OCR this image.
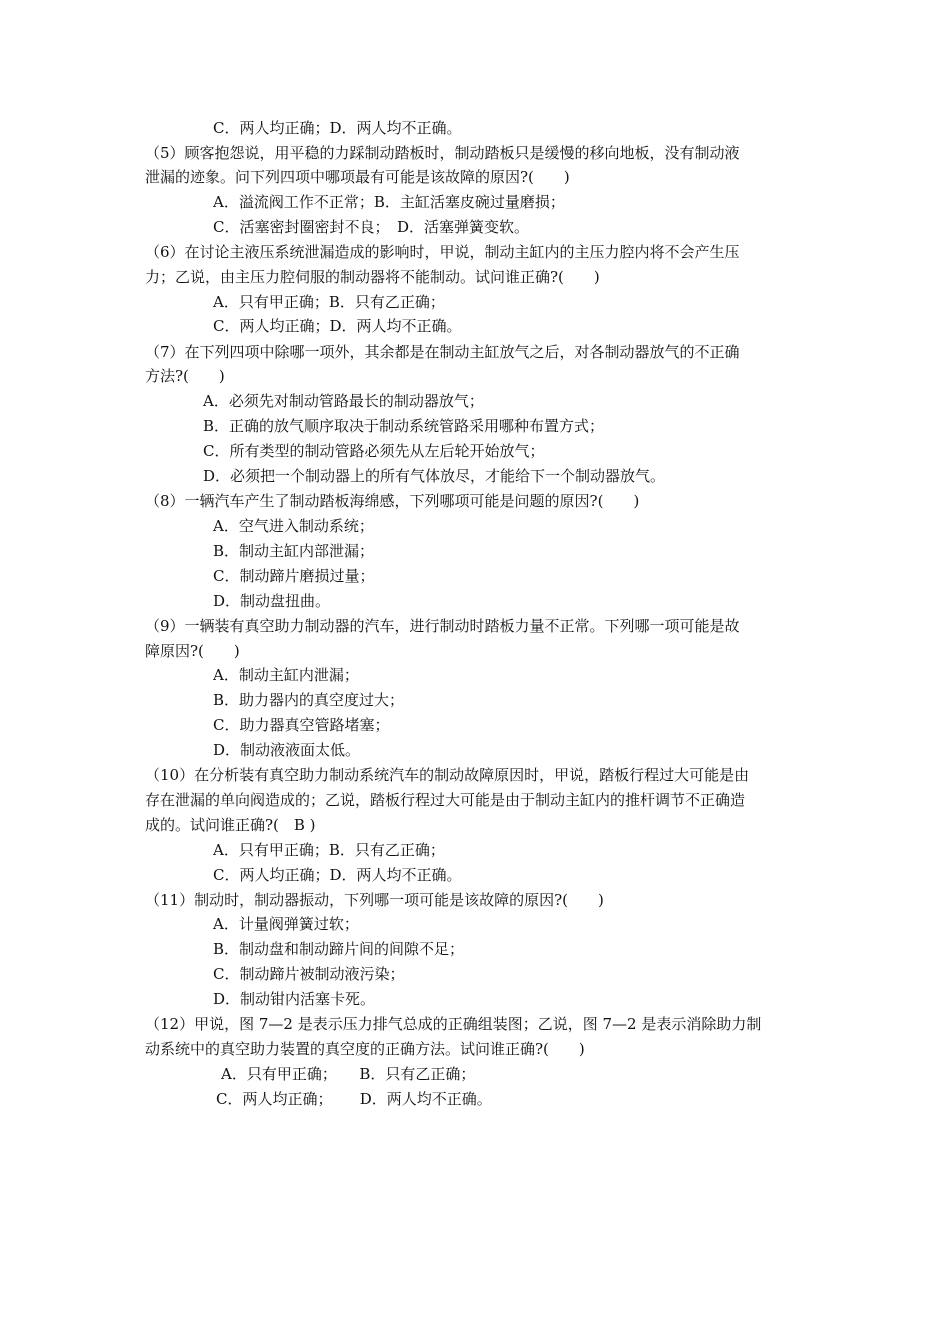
C．两人均正确；D．两人均不正确。
（5）顾客抱怨说，用平稳的力踩制动踏板时，制动踏板只是缓慢的移向地板，没有制动液
泄漏的迹象。问下列四项中哪项最有可能是该故障的原因?(　　)
A．溢流阀工作不正常；B．主缸活塞皮碗过量磨损；
C．活塞密封圈密封不良；　D．活塞弹簧变软。
（6）在讨论主液压系统泄漏造成的影响时，甲说，制动主缸内的主压力腔内将不会产生压
力；乙说，由主压力腔伺服的制动器将不能制动。试问谁正确?(　　)
A．只有甲正确；B．只有乙正确；
C．两人均正确；D．两人均不正确。
（7）在下列四项中除哪一项外，其余都是在制动主缸放气之后，对各制动器放气的不正确
方法?(　　)
A．必须先对制动管路最长的制动器放气；
B．正确的放气顺序取决于制动系统管路采用哪种布置方式；
C．所有类型的制动管路必须先从左后轮开始放气；
D．必须把一个制动器上的所有气体放尽，才能给下一个制动器放气。
（8）一辆汽车产生了制动踏板海绵感，下列哪项可能是问题的原因?(　　)
A．空气进入制动系统；
B．制动主缸内部泄漏；
C．制动蹄片磨损过量；
D．制动盘扭曲。
（9）一辆装有真空助力制动器的汽车，进行制动时踏板力量不正常。下列哪一项可能是故
障原因?(　　)
A．制动主缸内泄漏；
B．助力器内的真空度过大；
C．助力器真空管路堵塞；
D．制动液液面太低。
（10）在分析装有真空助力制动系统汽车的制动故障原因时，甲说，踏板行程过大可能是由
存在泄漏的单向阀造成的；乙说，踏板行程过大可能是由于制动主缸内的推杆调节不正确造
成的。试问谁正确?(　B )
A．只有甲正确；B．只有乙正确；
C．两人均正确；D．两人均不正确。
（11）制动时，制动器振动，下列哪一项可能是该故障的原因?(　　)
A．计量阀弹簧过软；
B．制动盘和制动蹄片间的间隙不足；
C．制动蹄片被制动液污染；
D．制动钳内活塞卡死。
（12）甲说，图 7—2 是表示压力排气总成的正确组装图；乙说，图 7—2 是表示消除助力制
动系统中的真空助力装置的真空度的正确方法。试问谁正确?(　　)
A．只有甲正确；　　B．只有乙正确；
C．两人均正确；　　 D．两人均不正确。
